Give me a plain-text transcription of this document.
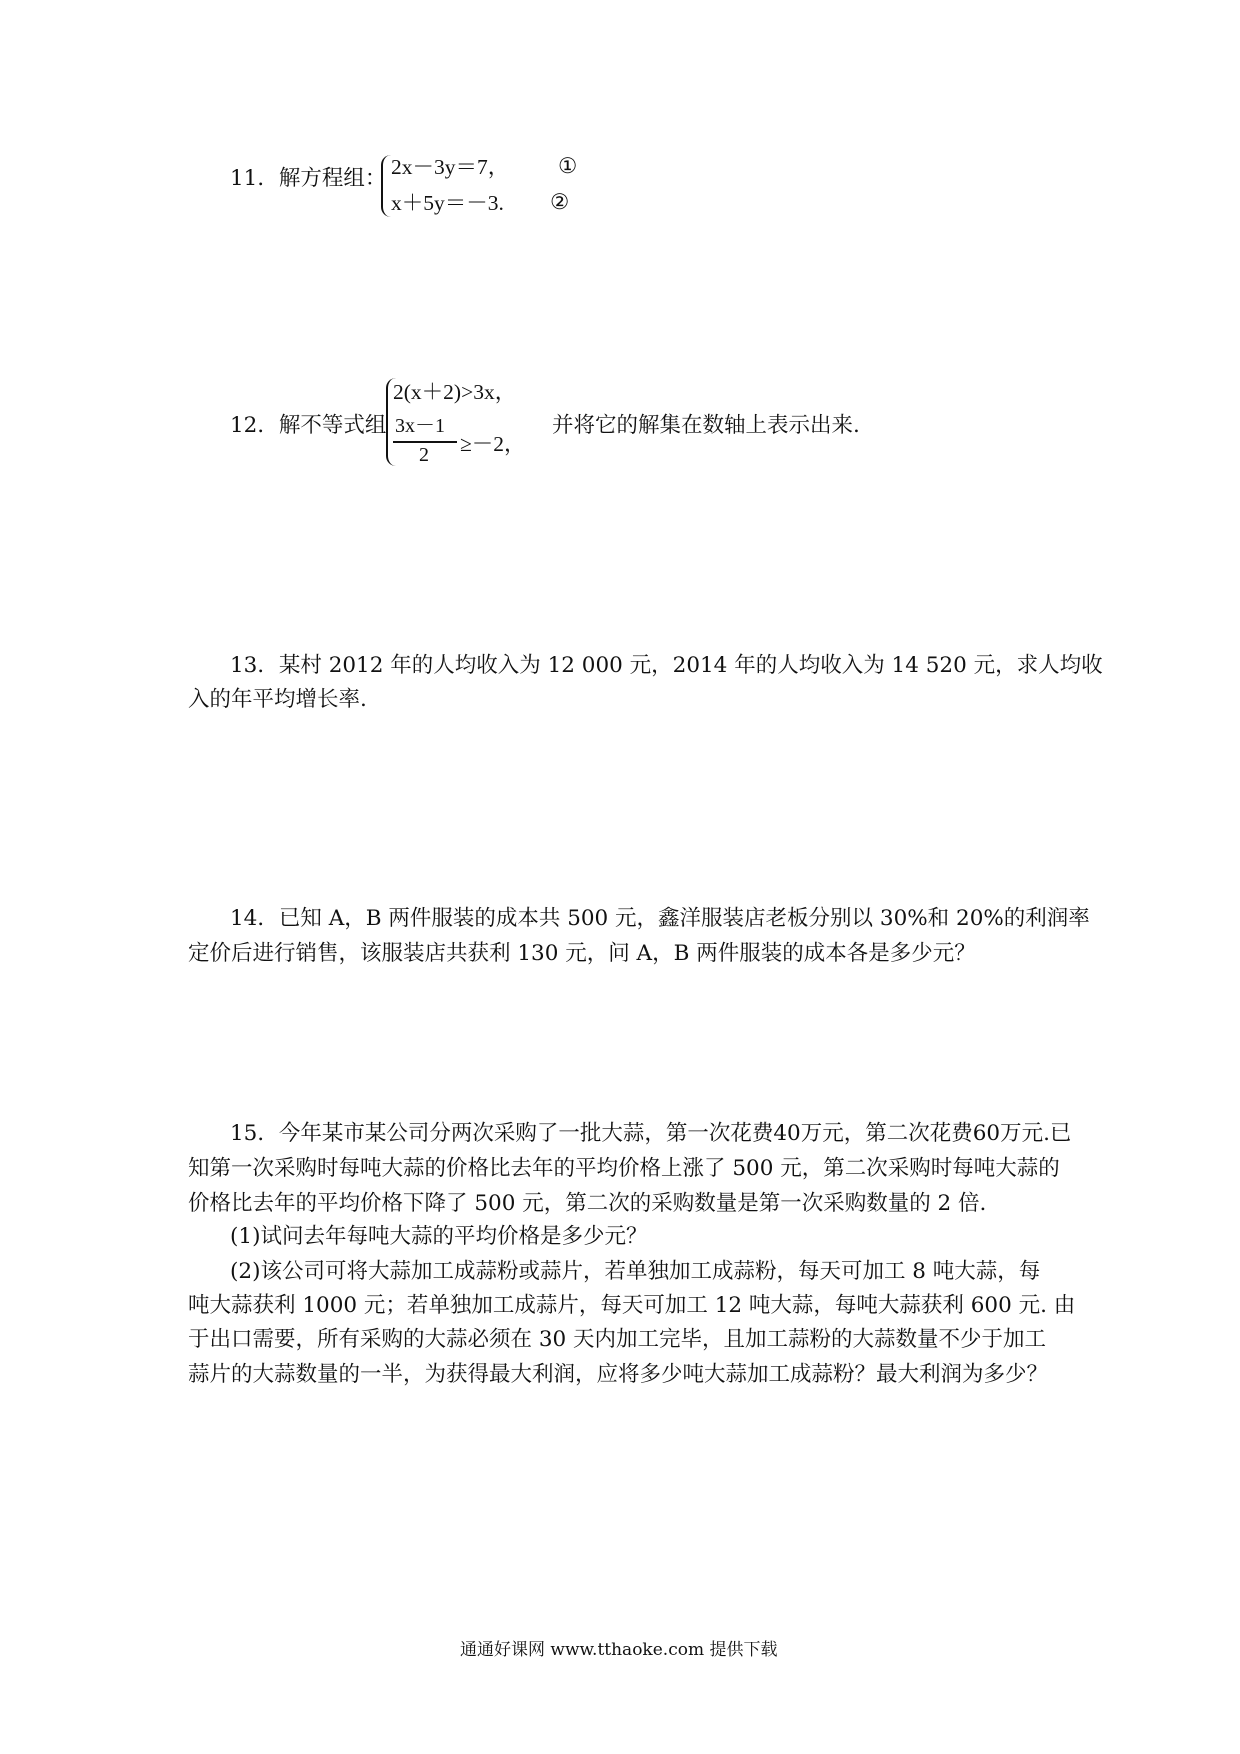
11．解方程组： 2x－3y＝7，
x＋5y＝－3.
①
②
12．解不等式组
2(x＋2)>3x，
3x－1
2 ≥－2，
并将它的解集在数轴上表示出来.
13．某村 2012 年的人均收入为 12 000 元，2014 年的人均收入为 14 520 元，求人均收
入的年平均增长率.
14．已知 A，B 两件服装的成本共 500 元，鑫洋服装店老板分别以 30%和 20%的利润率
定价后进行销售，该服装店共获利 130 元，问 A，B 两件服装的成本各是多少元？
15．今年某市某公司分两次采购了一批大蒜，第一次花费40万元，第二次花费60万元.已
知第一次采购时每吨大蒜的价格比去年的平均价格上涨了 500 元，第二次采购时每吨大蒜的
价格比去年的平均价格下降了 500 元，第二次的采购数量是第一次采购数量的 2 倍.
(1)试问去年每吨大蒜的平均价格是多少元？
(2)该公司可将大蒜加工成蒜粉或蒜片，若单独加工成蒜粉，每天可加工 8 吨大蒜，每
吨大蒜获利 1000 元；若单独加工成蒜片，每天可加工 12 吨大蒜，每吨大蒜获利 600 元. 由
于出口需要，所有采购的大蒜必须在 30 天内加工完毕，且加工蒜粉的大蒜数量不少于加工
蒜片的大蒜数量的一半，为获得最大利润，应将多少吨大蒜加工成蒜粉？最大利润为多少？
通通好课网 www.tthaoke.com 提供下载
